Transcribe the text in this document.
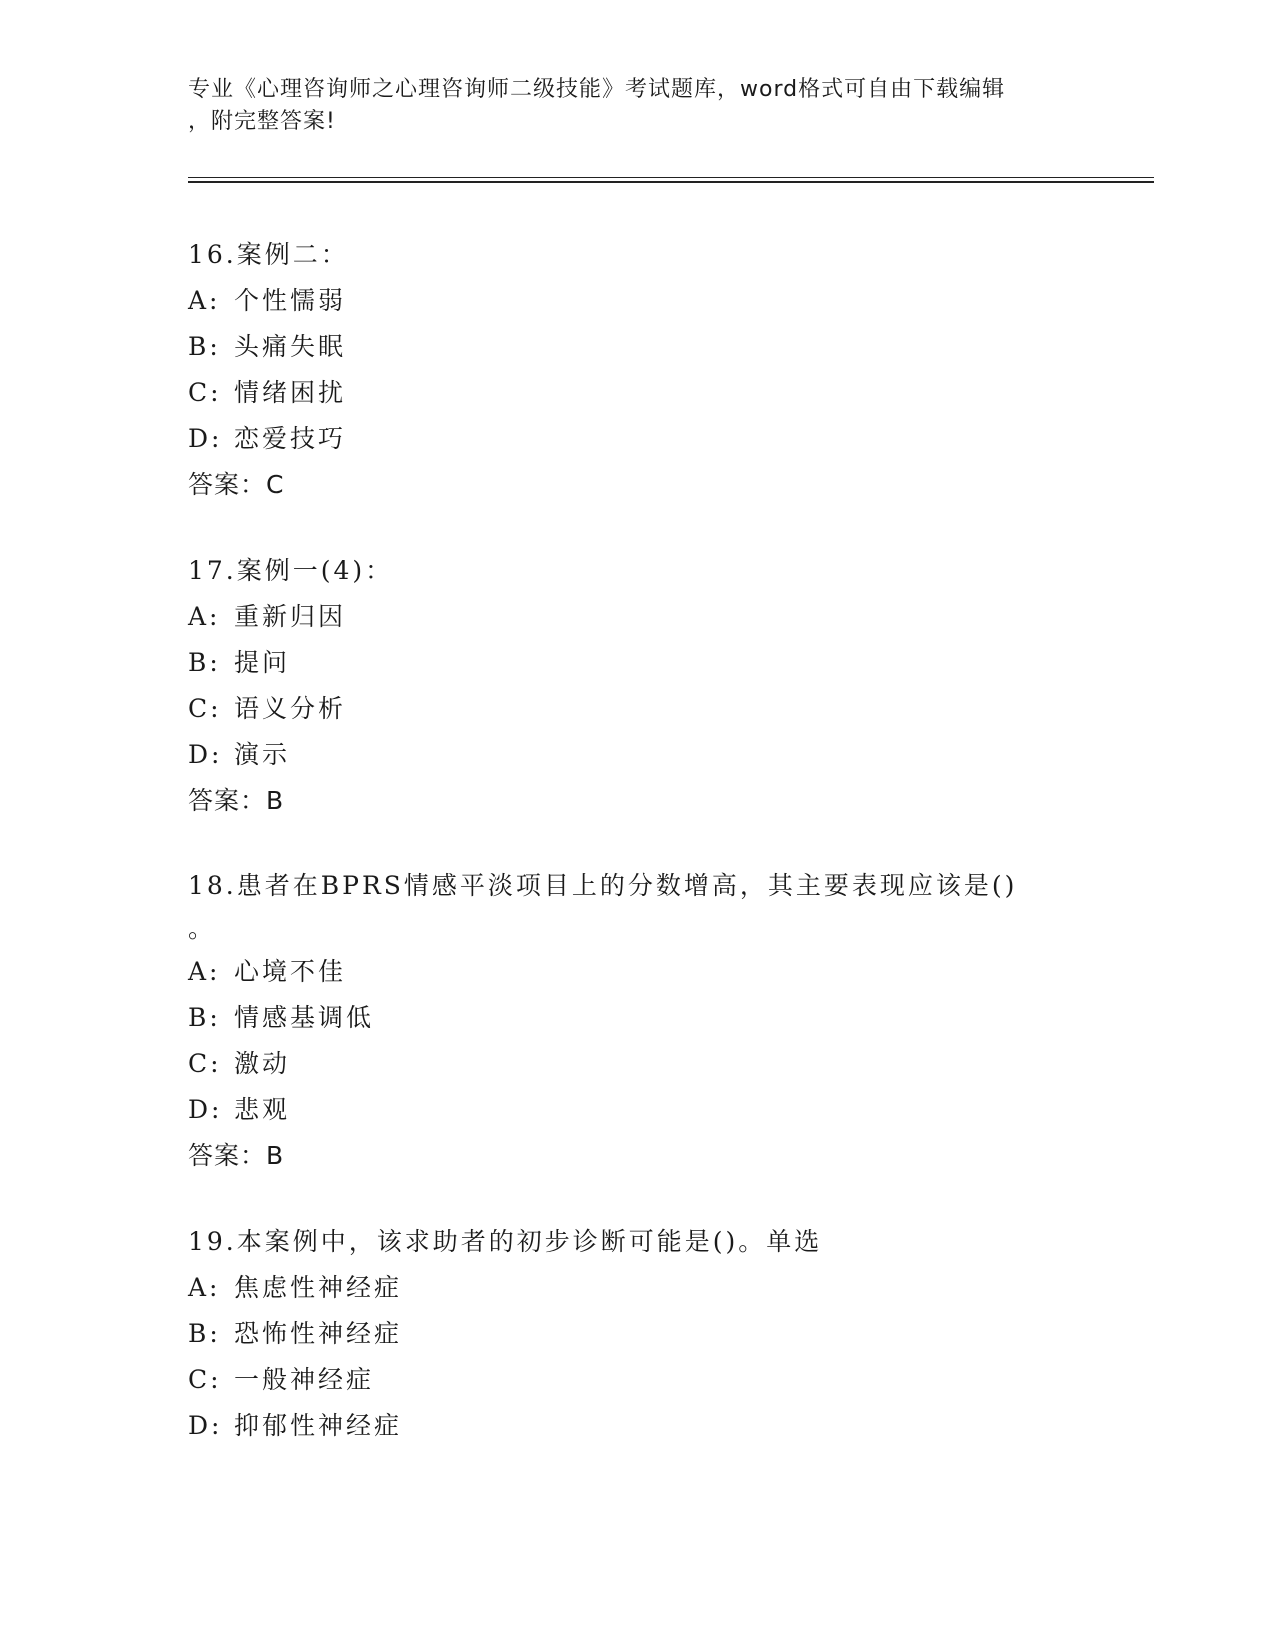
专业《心理咨询师之心理咨询师二级技能》考试题库，word格式可自由下载编辑
，附完整答案!
16.案例二：
A: 个性懦弱
B: 头痛失眠
C: 情绪困扰
D: 恋爱技巧
答案：C
17.案例一(4)：
A: 重新归因
B: 提问
C: 语义分析
D: 演示
答案：B
18.患者在BPRS情感平淡项目上的分数增高，其主要表现应该是()
。
A: 心境不佳
B: 情感基调低
C: 激动
D: 悲观
答案：B
19.本案例中，该求助者的初步诊断可能是()。单选
A: 焦虑性神经症
B: 恐怖性神经症
C: 一般神经症
D: 抑郁性神经症
